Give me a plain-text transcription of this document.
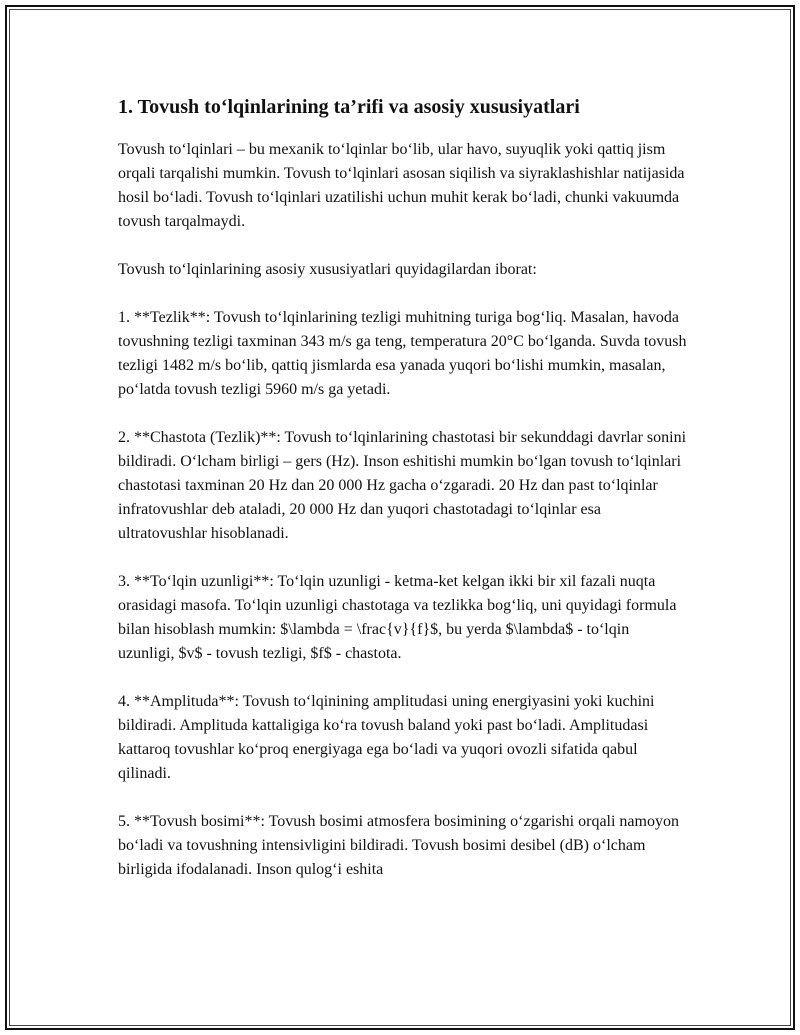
1. Tovush to‘lqinlarining ta’rifi va asosiy xususiyatlari

Tovush to‘lqinlari – bu mexanik to‘lqinlar bo‘lib, ular havo, suyuqlik yoki qattiq jism orqali tarqalishi mumkin. Tovush to‘lqinlari asosan siqilish va siyraklashishlar natijasida hosil bo‘ladi. Tovush to‘lqinlari uzatilishi uchun muhit kerak bo‘ladi, chunki vakuumda tovush tarqalmaydi.

Tovush to‘lqinlarining asosiy xususiyatlari quyidagilardan iborat:

1. **Tezlik**: Tovush to‘lqinlarining tezligi muhitning turiga bog‘liq. Masalan, havoda tovushning tezligi taxminan 343 m/s ga teng, temperatura 20°C bo‘lganda. Suvda tovush tezligi 1482 m/s bo‘lib, qattiq jismlarda esa yanada yuqori bo‘lishi mumkin, masalan, po‘latda tovush tezligi 5960 m/s ga yetadi.

2. **Chastota (Tezlik)**: Tovush to‘lqinlarining chastotasi bir sekunddagi davrlar sonini bildiradi. O‘lcham birligi – gers (Hz). Inson eshitishi mumkin bo‘lgan tovush to‘lqinlari chastotasi taxminan 20 Hz dan 20 000 Hz gacha o‘zgaradi. 20 Hz dan past to‘lqinlar infratovushlar deb ataladi, 20 000 Hz dan yuqori chastotadagi to‘lqinlar esa ultratovushlar hisoblanadi.

3. **To‘lqin uzunligi**: To‘lqin uzunligi - ketma-ket kelgan ikki bir xil fazali nuqta orasidagi masofa. To‘lqin uzunligi chastotaga va tezlikka bog‘liq, uni quyidagi formula bilan hisoblash mumkin: $\lambda = \frac{v}{f}$, bu yerda $\lambda$ - to‘lqin uzunligi, $v$ - tovush tezligi, $f$ - chastota.

4. **Amplituda**: Tovush to‘lqinining amplitudasi uning energiyasini yoki kuchini bildiradi. Amplituda kattaligiga ko‘ra tovush baland yoki past bo‘ladi. Amplitudasi kattaroq tovushlar ko‘proq energiyaga ega bo‘ladi va yuqori ovozli sifatida qabul qilinadi.

5. **Tovush bosimi**: Tovush bosimi atmosfera bosimining o‘zgarishi orqali namoyon bo‘ladi va tovushning intensivligini bildiradi. Tovush bosimi desibel (dB) o‘lcham birligida ifodalanadi. Inson qulog‘i eshita
